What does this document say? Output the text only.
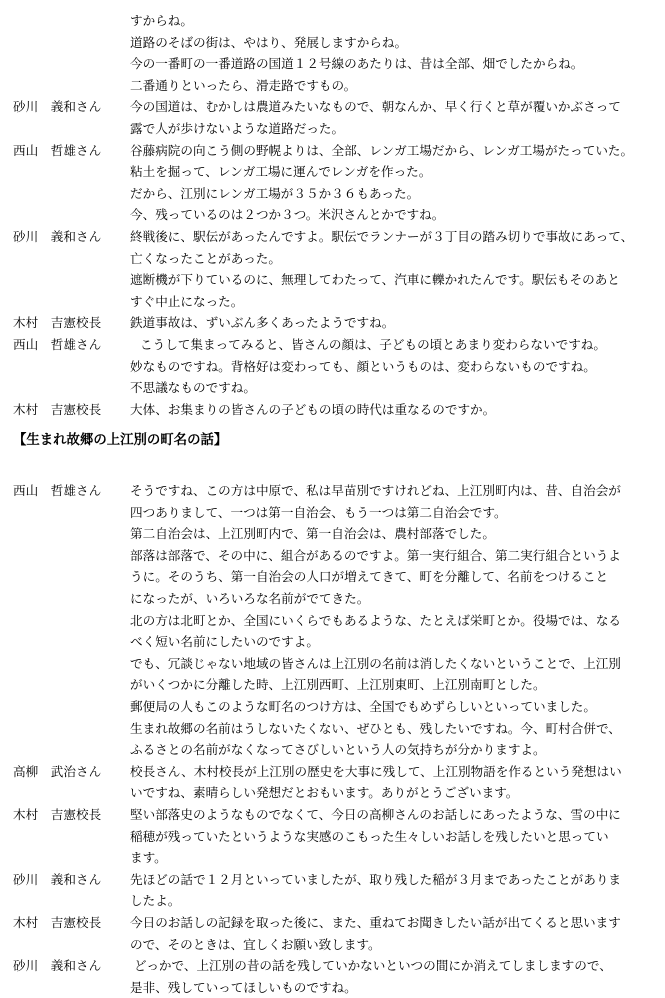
すからね。
道路のそばの街は、やはり、発展しますからね。
今の一番町の一番道路の国道１２号線のあたりは、昔は全部、畑でしたからね。
二番通りといったら、滑走路ですもの。
砂川　義和さん	今の国道は、むかしは農道みたいなもので、朝なんか、早く行くと草が覆いかぶさって
露で人が歩けないような道路だった。
西山　哲雄さん	谷藤病院の向こう側の野幌よりは、全部、レンガ工場だから、レンガ工場がたっていた。
粘土を掘って、レンガ工場に運んでレンガを作った。
だから、江別にレンガ工場が３５か３６もあった。
今、残っているのは２つか３つ。米沢さんとかですね。
砂川　義和さん	終戦後に、駅伝があったんですよ。駅伝でランナーが３丁目の踏み切りで事故にあって、
亡くなったことがあった。
遮断機が下りているのに、無理してわたって、汽車に轢かれたんです。駅伝もそのあと
すぐ中止になった。
木村　吉憲校長	鉄道事故は、ずいぶん多くあったようですね。
西山　哲雄さん	こうして集まってみると、皆さんの顔は、子どもの頃とあまり変わらないですね。
妙なものですね。背格好は変わっても、顔というものは、変わらないものですね。
不思議なものですね。
木村　吉憲校長	大体、お集まりの皆さんの子どもの頃の時代は重なるのですか。
【生まれ故郷の上江別の町名の話】
西山　哲雄さん	そうですね、この方は中原で、私は早苗別ですけれどね、上江別町内は、昔、自治会が
四つありまして、一つは第一自治会、もう一つは第二自治会です。
第二自治会は、上江別町内で、第一自治会は、農村部落でした。
部落は部落で、その中に、組合があるのですよ。第一実行組合、第二実行組合というよ
うに。そのうち、第一自治会の人口が増えてきて、町を分離して、名前をつけること
になったが、いろいろな名前がでてきた。
北の方は北町とか、全国にいくらでもあるような、たとえば栄町とか。役場では、なる
べく短い名前にしたいのですよ。
でも、冗談じゃない地域の皆さんは上江別の名前は消したくないということで、上江別
がいくつかに分離した時、上江別西町、上江別東町、上江別南町とした。
郵便局の人もこのような町名のつけ方は、全国でもめずらしいといっていました。
生まれ故郷の名前はうしないたくない、ぜひとも、残したいですね。今、町村合併で、
ふるさとの名前がなくなってさびしいという人の気持ちが分かりますよ。
高柳　武治さん	校長さん、木村校長が上江別の歴史を大事に残して、上江別物語を作るという発想はい
いですね、素晴らしい発想だとおもいます。ありがとうございます。
木村　吉憲校長	堅い部落史のようなものでなくて、今日の高柳さんのお話しにあったような、雪の中に
稲穂が残っていたというような実感のこもった生々しいお話しを残したいと思ってい
ます。
砂川　義和さん	先ほどの話で１２月といっていましたが、取り残した稲が３月まであったことがありま
したよ。
木村　吉憲校長	今日のお話しの記録を取った後に、また、重ねてお聞きしたい話が出てくると思います
ので、そのときは、宜しくお願い致します。
砂川　義和さん	どっかで、上江別の昔の話を残していかないといつの間にか消えてしましますので、
是非、残していってほしいものですね。
